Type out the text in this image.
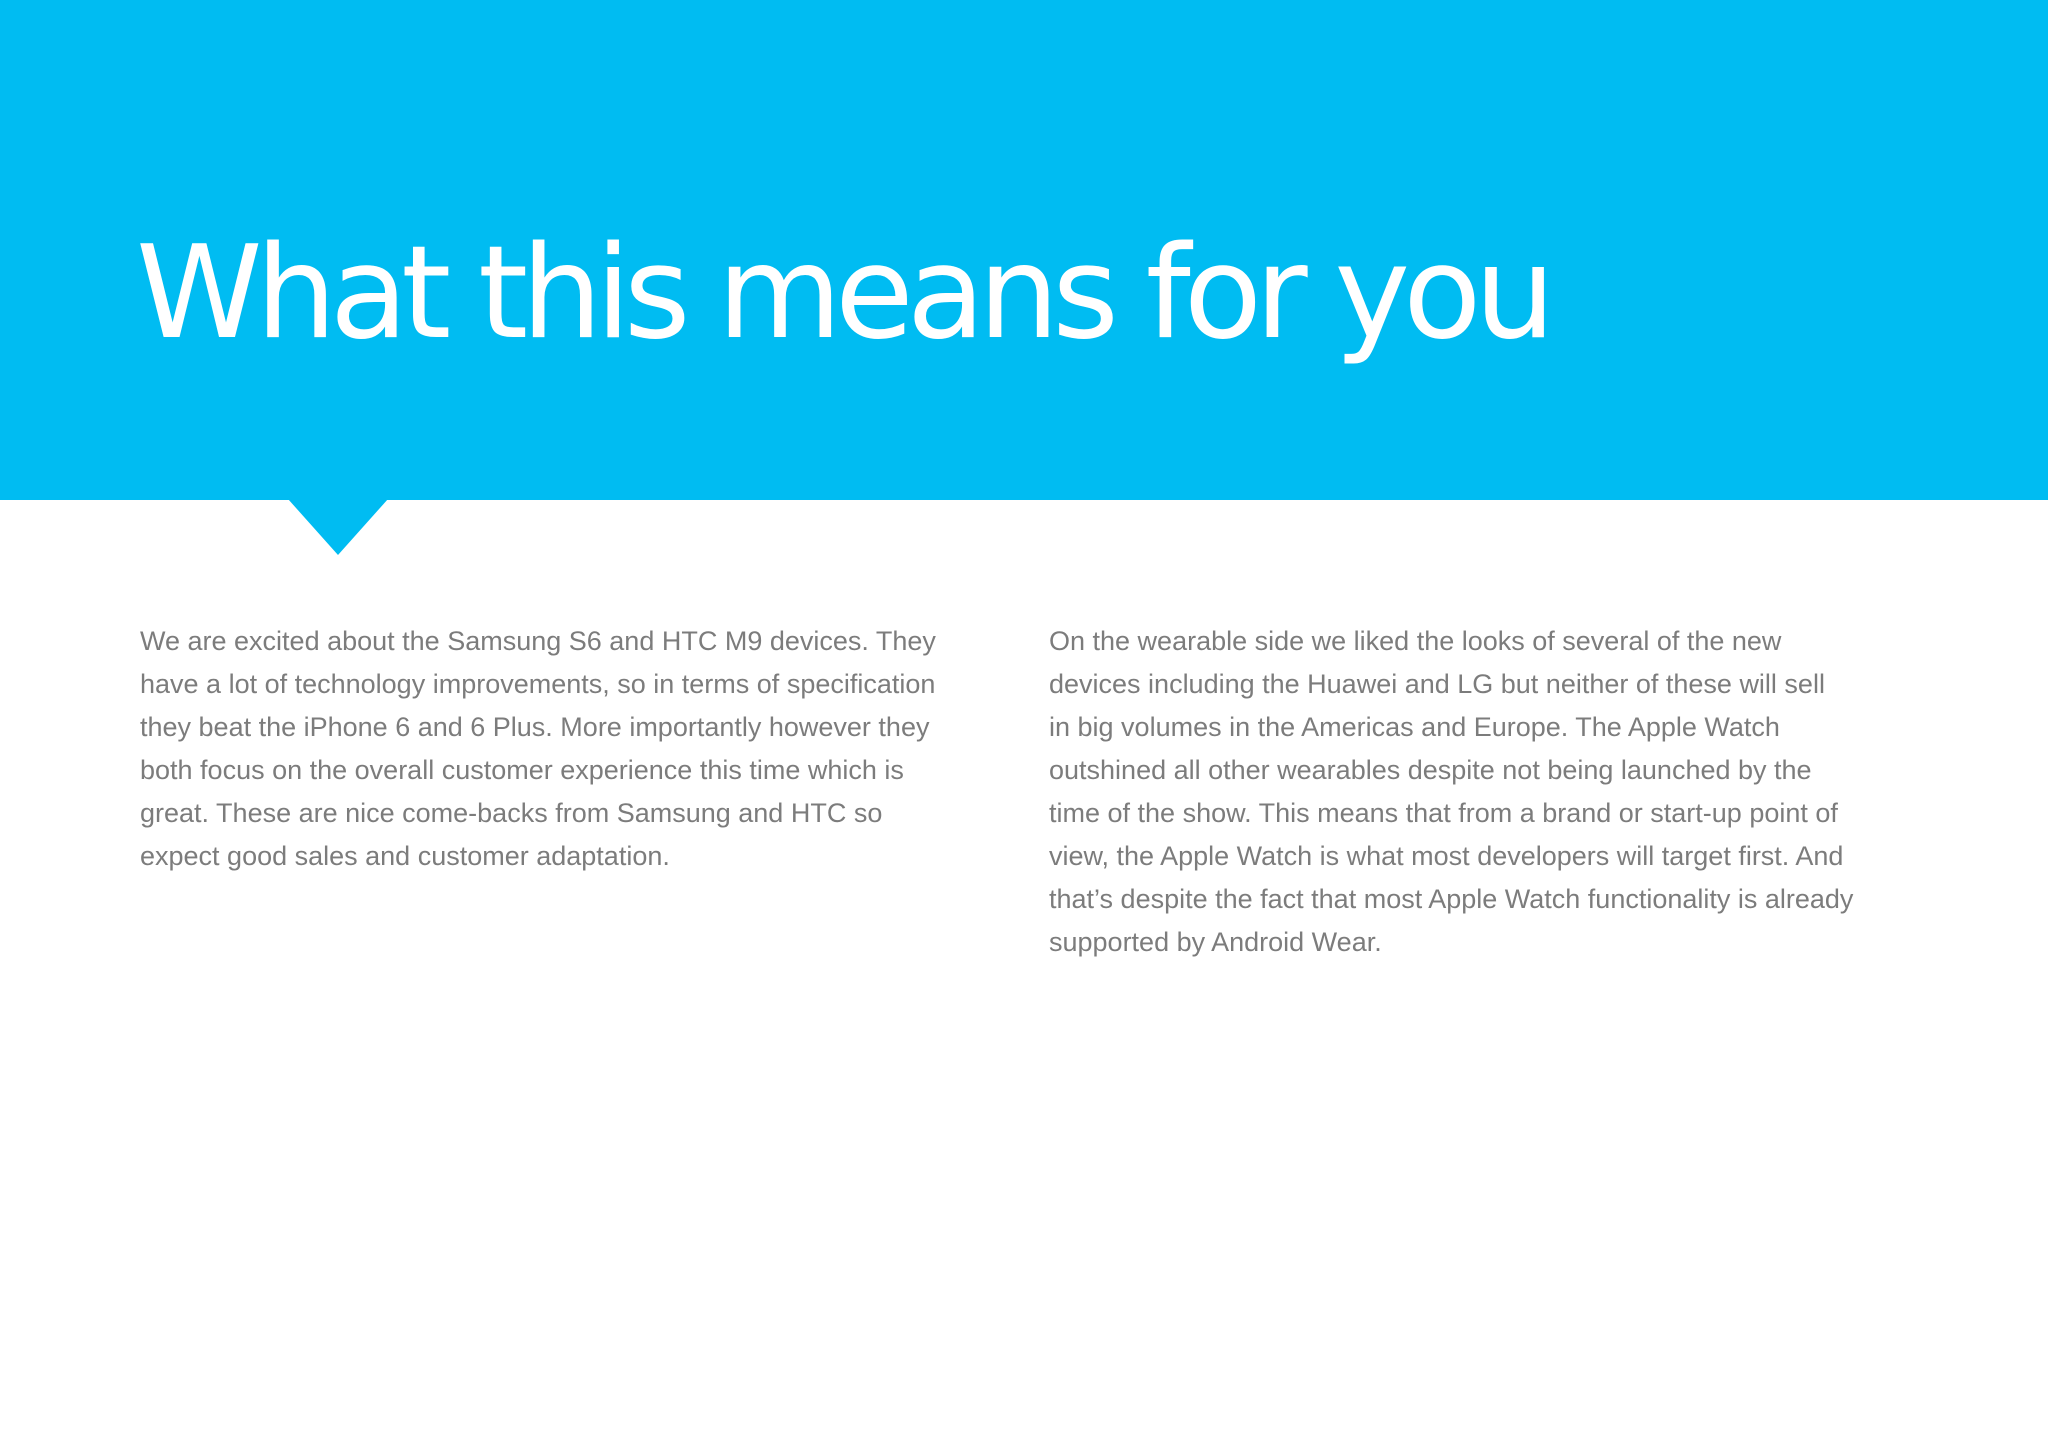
What this means for you

We are excited about the Samsung S6 and HTC M9 devices. They
have a lot of technology improvements, so in terms of specification
they beat the iPhone 6 and 6 Plus. More importantly however they
both focus on the overall customer experience this time which is
great. These are nice come-backs from Samsung and HTC so
expect good sales and customer adaptation.

On the wearable side we liked the looks of several of the new
devices including the Huawei and LG but neither of these will sell
in big volumes in the Americas and Europe. The Apple Watch
outshined all other wearables despite not being launched by the
time of the show. This means that from a brand or start-up point of
view, the Apple Watch is what most developers will target first. And
that’s despite the fact that most Apple Watch functionality is already
supported by Android Wear.
